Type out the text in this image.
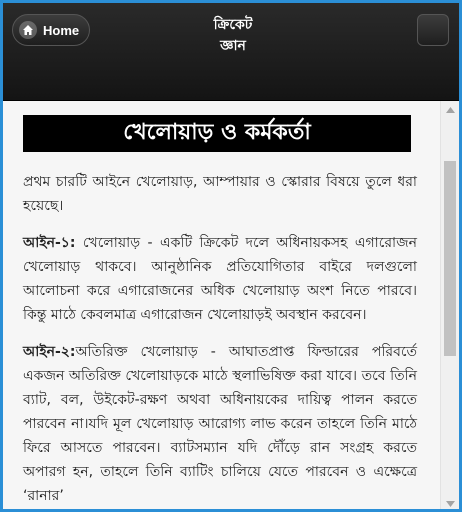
Home	ক্রিকেট
জ্ঞান
খেলোয়াড় ও কর্মকর্তা

প্রথম চারটি আইনে খেলোয়াড়, আম্পায়ার ও স্কোরার বিষয়ে তুলে ধরা হয়েছে।

আইন-১: খেলোয়াড় - একটি ক্রিকেট দলে অধিনায়কসহ এগারোজন খেলোয়াড় থাকবে। আনুষ্ঠানিক প্রতিযোগিতার বাইরে দলগুলো আলোচনা করে এগারোজনের অধিক খেলোয়াড় অংশ নিতে পারবে। কিন্তু মাঠে কেবলমাত্র এগারোজন খেলোয়াড়ই অবস্থান করবেন।

আইন-২:অতিরিক্ত খেলোয়াড় - আঘাতপ্রাপ্ত ফিল্ডারের পরিবর্তে একজন অতিরিক্ত খেলোয়াড়কে মাঠে স্থলাভিষিক্ত করা যাবে। তবে তিনি ব্যাট, বল, উইকেট-রক্ষণ অথবা অধিনায়কের দায়িত্ব পালন করতে পারবেন না।যদি মূল খেলোয়াড় আরোগ্য লাভ করেন তাহলে তিনি মাঠে ফিরে আসতে পারবেন। ব্যাটসম্যান যদি দৌঁড়ে রান সংগ্রহ করতে অপারগ হন, তাহলে তিনি ব্যাটিং চালিয়ে যেতে পারবেন ও এক্ষেত্রে ‘রানার’
